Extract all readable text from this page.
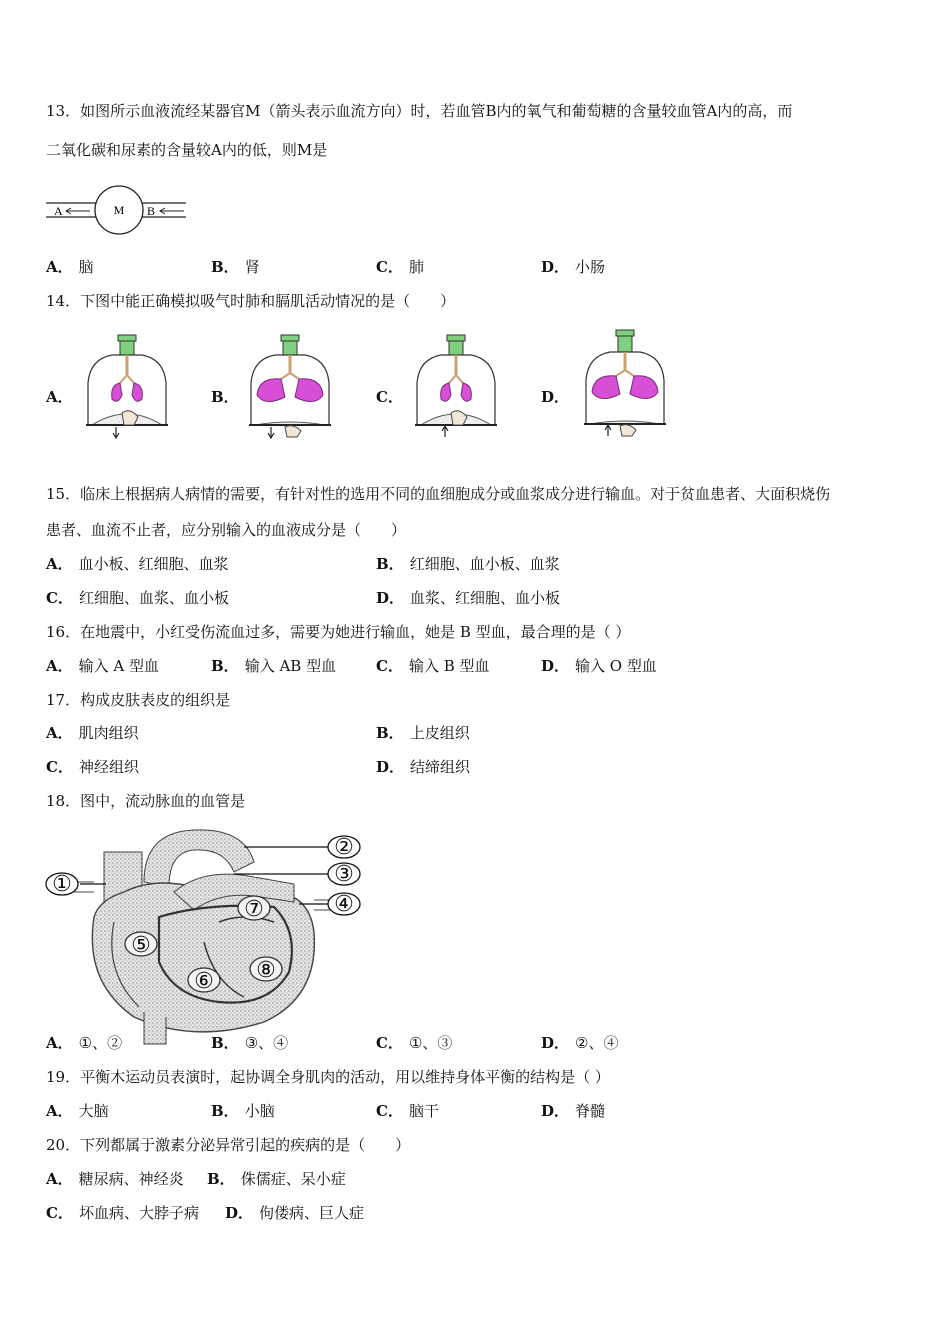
13．如图所示血液流经某器官M（箭头表示血流方向）时，若血管B内的氧气和葡萄糖的含量较血管A内的高，而
二氧化碳和尿素的含量较A内的低，则M是
M
A	B
A． 脑	B． 肾	C． 肺	D． 小肠
14．下图中能正确模拟吸气时肺和膈肌活动情况的是（　　）
A．	B．	C．	D．
15．临床上根据病人病情的需要，有针对性的选用不同的血细胞成分或血浆成分进行输血。对于贫血患者、大面积烧伤
患者、血流不止者，应分别输入的血液成分是（　　）
A． 血小板、红细胞、血浆	B． 红细胞、血小板、血浆
C． 红细胞、血浆、血小板	D． 血浆、红细胞、血小板
16．在地震中，小红受伤流血过多，需要为她进行输血，她是 B 型血，最合理的是（ ）
A． 输入 A 型血	B． 输入 AB 型血	C． 输入 B 型血	D． 输入 O 型血
17．构成皮肤表皮的组织是
A． 肌肉组织	B． 上皮组织
C． 神经组织	D． 结缔组织
18．图中，流动脉血的血管是
①
②
③
④
⑤
⑥
⑦
⑧
A． ①、②	B． ③、④	C． ①、③	D． ②、④
19．平衡木运动员表演时，起协调全身肌肉的活动，用以维持身体平衡的结构是（ ）
A． 大脑	B． 小脑	C． 脑干	D． 脊髓
20．下列都属于激素分泌异常引起的疾病的是（　　）
A． 糖尿病、神经炎 B． 侏儒症、呆小症
C． 坏血病、大脖子病 D． 佝偻病、巨人症
